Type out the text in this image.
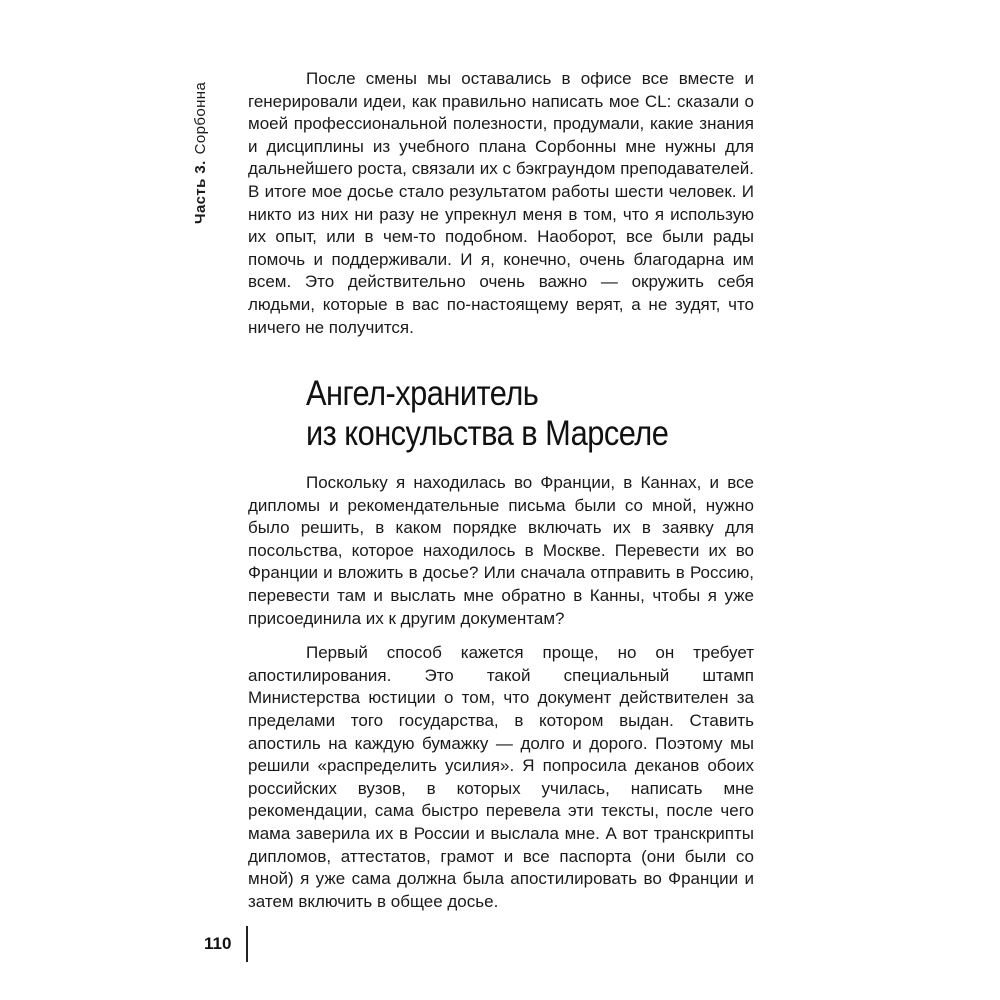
Часть 3.Сорбонна

После смены мы оставались в офисе все вместе и генерировали идеи, как правильно написать мое CL: сказали о моей профессиональной полезности, продумали, какие знания и дисциплины из учебного плана Сорбонны мне нужны для дальнейшего роста, связали их с бэкграундом преподавателей. В итоге мое досье стало результатом работы шести человек. И никто из них ни разу не упрекнул меня в том, что я использую их опыт, или в чем-то подобном. Наоборот, все были рады помочь и поддерживали. И я, конечно, очень благодарна им всем. Это действительно очень важно — окружить себя людьми, которые в вас по-настоящему верят, а не зудят, что ничего не получится.

Ангел-хранитель
из консульства в Марселе

Поскольку я находилась во Франции, в Каннах, и все дипломы и рекомендательные письма были со мной, нужно было решить, в каком порядке включать их в заявку для посольства, которое находилось в Москве. Перевести их во Франции и вложить в досье? Или сначала отправить в Россию, перевести там и выслать мне обратно в Канны, чтобы я уже присоединила их к другим документам?

Первый способ кажется проще, но он требует апостилирования. Это такой специальный штамп Министерства юстиции о том, что документ действителен за пределами того государства, в котором выдан. Ставить апостиль на каждую бумажку — долго и дорого. Поэтому мы решили «распределить усилия». Я попросила деканов обоих российских вузов, в которых училась, написать мне рекомендации, сама быстро перевела эти тексты, после чего мама заверила их в России и выслала мне. А вот транскрипты дипломов, аттестатов, грамот и все паспорта (они были со мной) я уже сама должна была апостилировать во Франции и затем включить в общее досье.

110
